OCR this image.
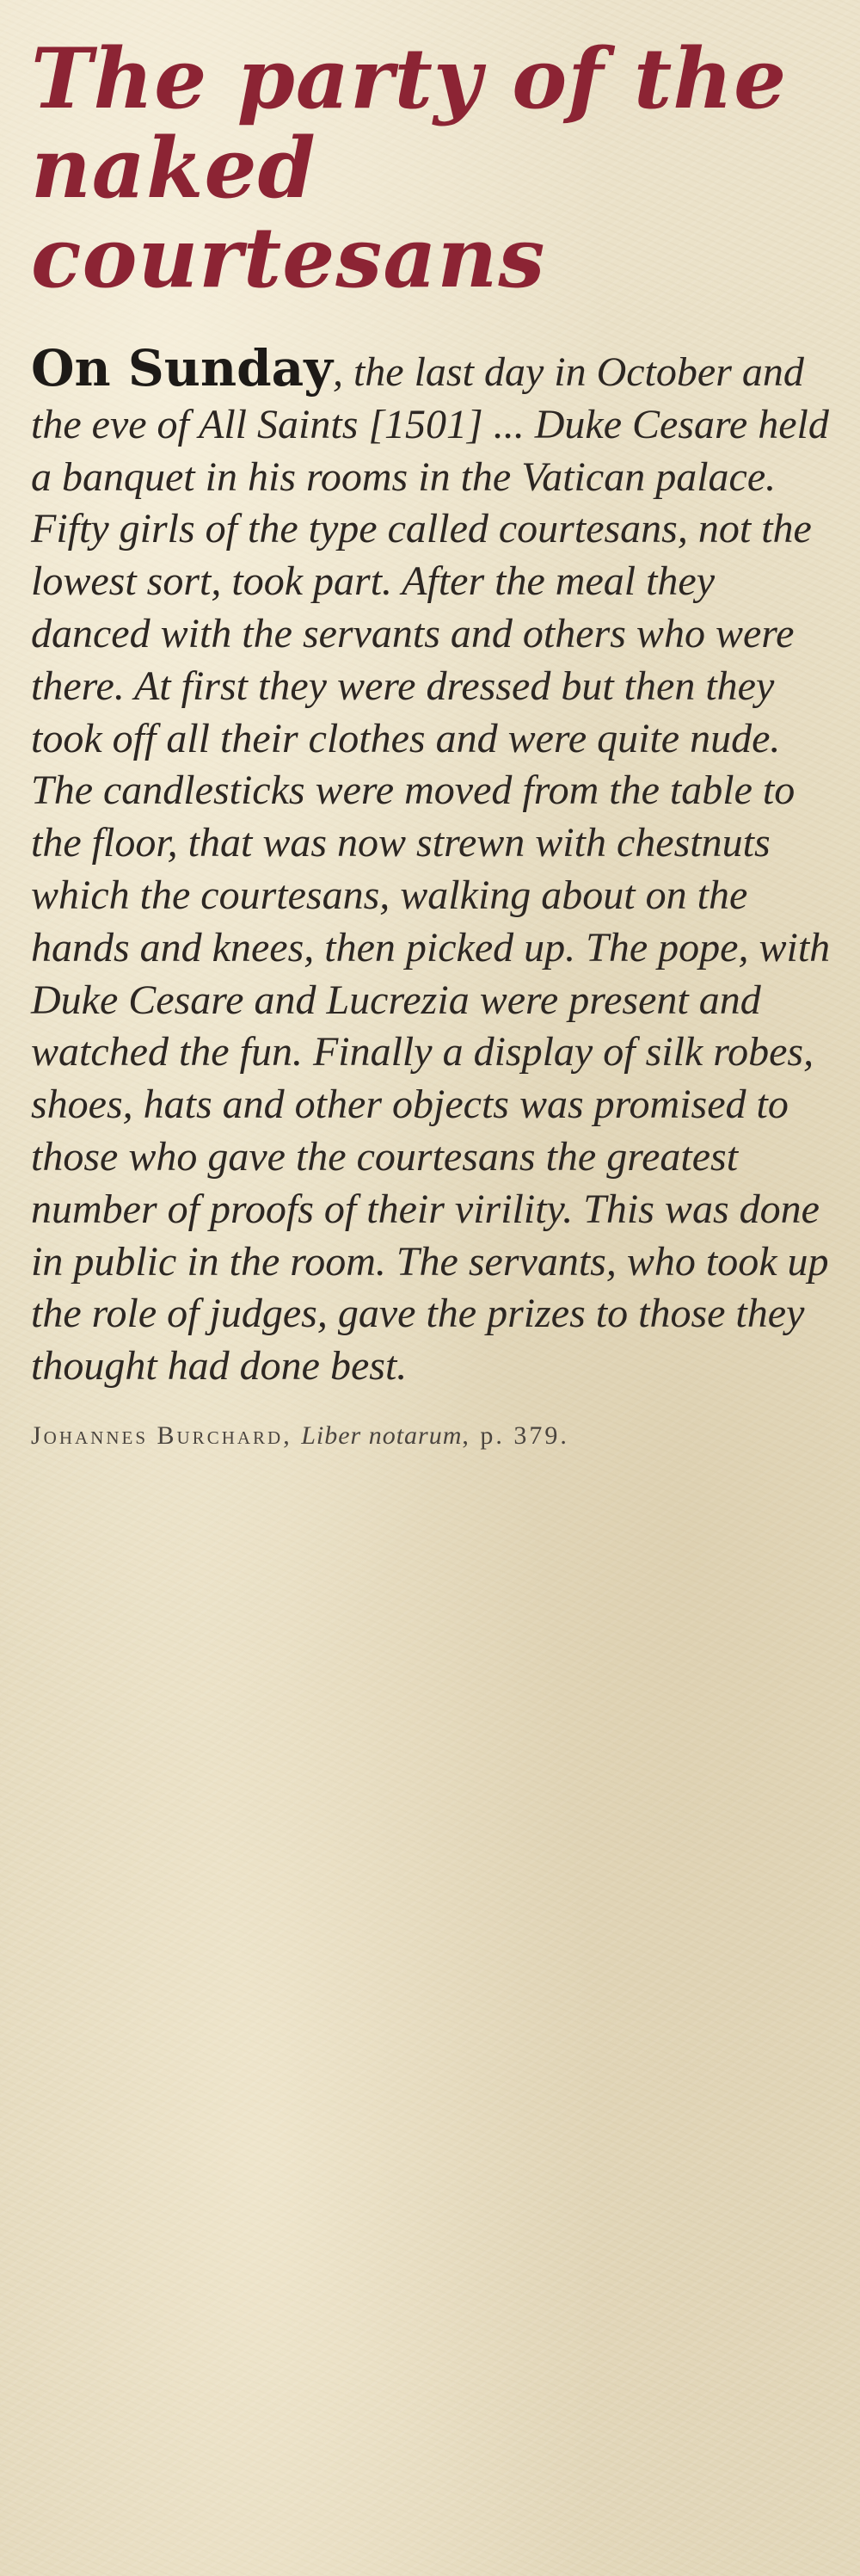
The party of the naked courtesans

On Sunday, the last day in October and the eve of All Saints [1501] ... Duke Cesare held a banquet in his rooms in the Vatican palace. Fifty girls of the type called courtesans, not the lowest sort, took part. After the meal they danced with the servants and others who were there. At first they were dressed but then they took off all their clothes and were quite nude. The candlesticks were moved from the table to the floor, that was now strewn with chestnuts which the courtesans, walking about on the hands and knees, then picked up. The pope, with Duke Cesare and Lucrezia were present and watched the fun. Finally a display of silk robes, shoes, hats and other objects was promised to those who gave the courtesans the greatest number of proofs of their virility. This was done in public in the room. The servants, who took up the role of judges, gave the prizes to those they thought had done best.

Johannes Burchard, Liber notarum, p. 379.
